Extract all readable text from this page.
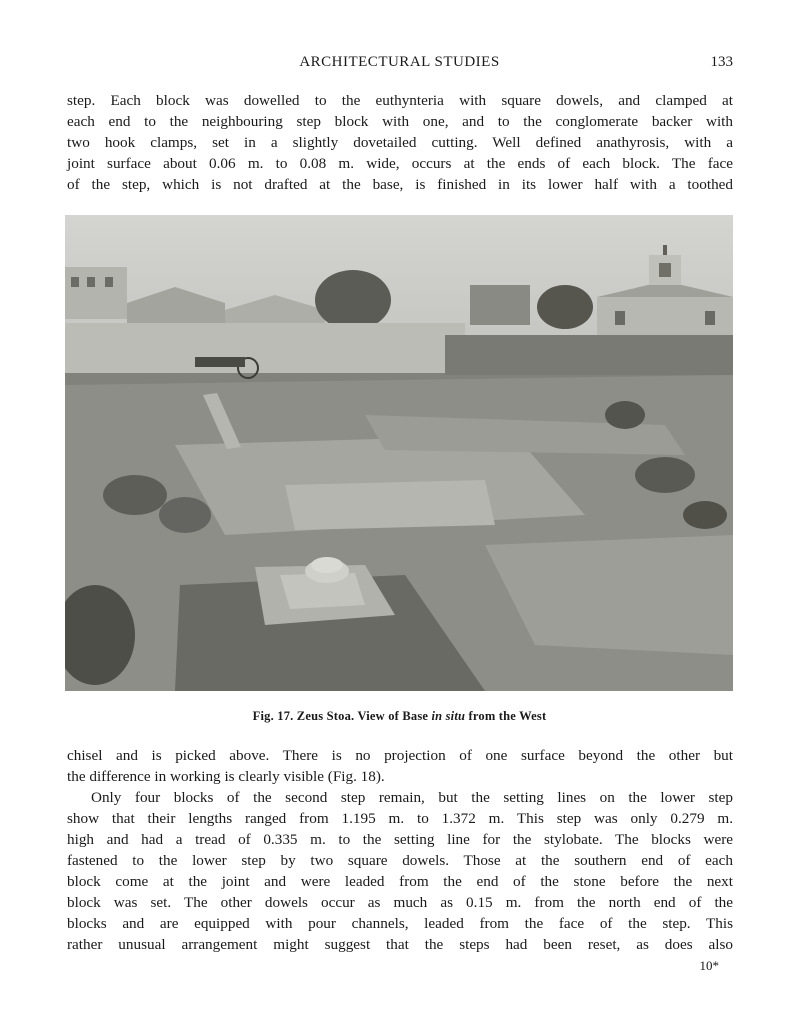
ARCHITECTURAL STUDIES	133
step. Each block was dowelled to the euthynteria with square dowels, and clamped at
each end to the neighbouring step block with one, and to the conglomerate backer with
two hook clamps, set in a slightly dovetailed cutting. Well defined anathyrosis, with a
joint surface about 0.06 m. to 0.08 m. wide, occurs at the ends of each block. The face
of the step, which is not drafted at the base, is finished in its lower half with a toothed
Fig. 17. Zeus Stoa. View of Base in situ from the West
chisel and is picked above. There is no projection of one surface beyond the other but
the difference in working is clearly visible (Fig. 18).
Only four blocks of the second step remain, but the setting lines on the lower step
show that their lengths ranged from 1.195 m. to 1.372 m. This step was only 0.279 m.
high and had a tread of 0.335 m. to the setting line for the stylobate. The blocks were
fastened to the lower step by two square dowels. Those at the southern end of each
block come at the joint and were leaded from the end of the stone before the next
block was set. The other dowels occur as much as 0.15 m. from the north end of the
blocks and are equipped with pour channels, leaded from the face of the step. This
rather unusual arrangement might suggest that the steps had been reset, as does also
10*
